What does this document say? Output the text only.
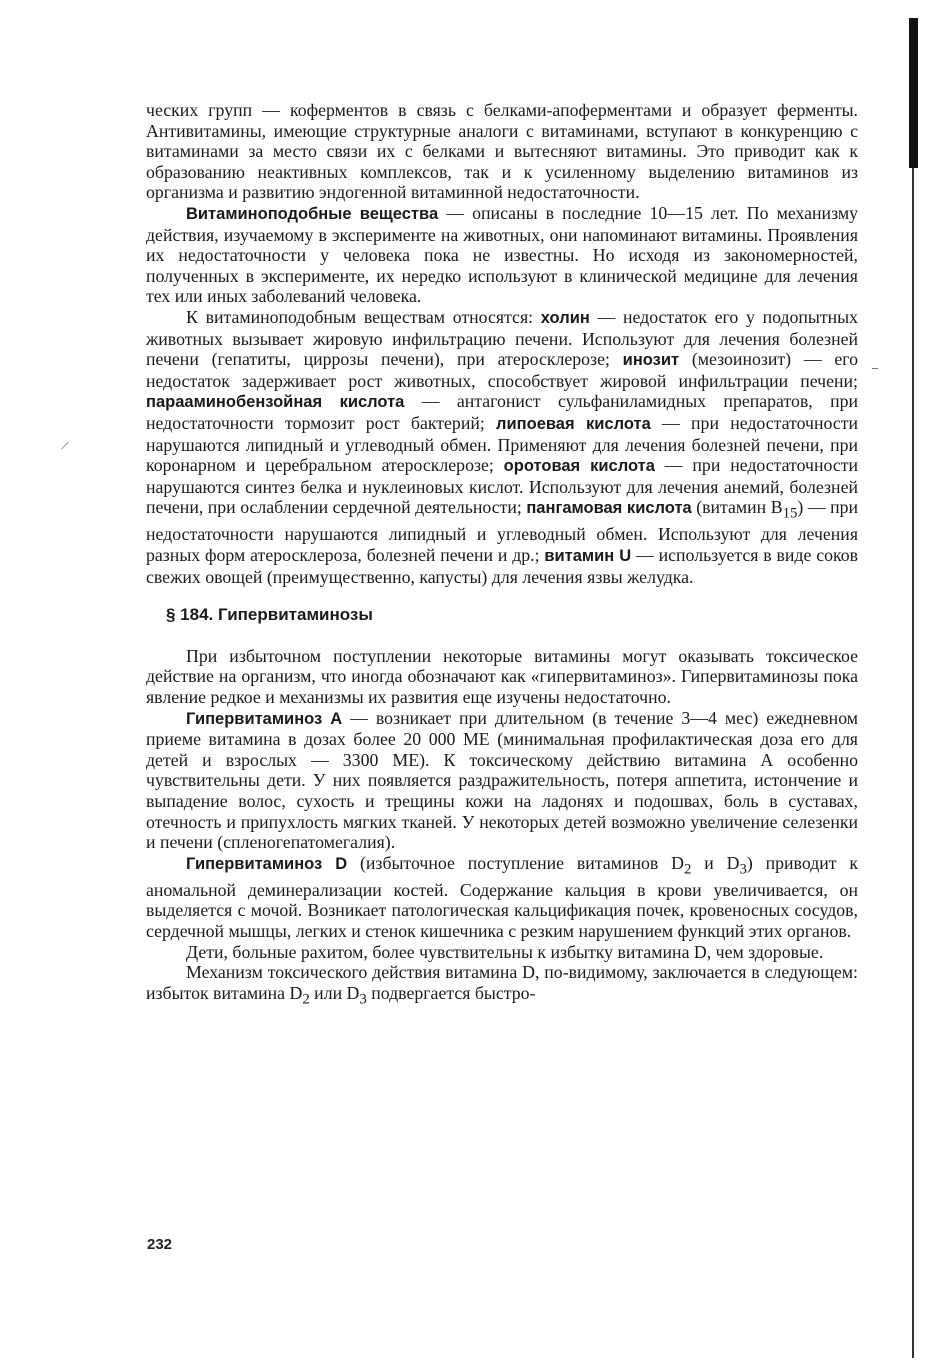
ческих групп — коферментов в связь с белками-апоферментами и образует ферменты. Антивитамины, имеющие структурные аналоги с витаминами, вступают в конкуренцию с витаминами за место связи их с белками и вытесняют витамины. Это приводит как к образованию неактивных комплексов, так и к усиленному выделению витаминов из организма и развитию эндогенной витаминной недостаточности.

Витаминоподобные вещества — описаны в последние 10—15 лет. По механизму действия, изучаемому в эксперименте на животных, они напоминают витамины. Проявления их недостаточности у человека пока не известны. Но исходя из закономерностей, полученных в эксперименте, их нередко используют в клинической медицине для лечения тех или иных заболеваний человека.

К витаминоподобным веществам относятся: холин — недостаток его у подопытных животных вызывает жировую инфильтрацию печени. Используют для лечения болезней печени (гепатиты, циррозы печени), при атеросклерозе; инозит (мезоинозит) — его недостаток задерживает рост животных, способствует жировой инфильтрации печени; парааминобензойная кислота — антагонист сульфаниламидных препаратов, при недостаточности тормозит рост бактерий; липоевая кислота — при недостаточности нарушаются липидный и углеводный обмен. Применяют для лечения болезней печени, при коронарном и церебральном атеросклерозе; оротовая кислота — при недостаточности нарушаются синтез белка и нуклеиновых кислот. Используют для лечения анемий, болезней печени, при ослаблении сердечной деятельности; пангамовая кислота (витамин $B_{15}$) — при недостаточности нарушаются липидный и углеводный обмен. Используют для лечения разных форм атеросклероза, болезней печени и др.; витамин U — используется в виде соков свежих овощей (преимущественно, капусты) для лечения язвы желудка.

§ 184. Гипервитаминозы

При избыточном поступлении некоторые витамины могут оказывать токсическое действие на организм, что иногда обозначают как «гипервитаминоз». Гипервитаминозы пока явление редкое и механизмы их развития еще изучены недостаточно.

Гипервитаминоз А — возникает при длительном (в течение 3—4 мес) ежедневном приеме витамина в дозах более 20 000 МЕ (минимальная профилактическая доза его для детей и взрослых — 3300 МЕ). К токсическому действию витамина А особенно чувствительны дети. У них появляется раздражительность, потеря аппетита, истончение и выпадение волос, сухость и трещины кожи на ладонях и подошвах, боль в суставах, отечность и припухлость мягких тканей. У некоторых детей возможно увеличение селезенки и печени (спленогепатомегалия).

Гипервитаминоз D (избыточное поступление витаминов $D_2$ и $D_3$) приводит к аномальной деминерализации костей. Содержание кальция в крови увеличивается, он выделяется с мочой. Возникает патологическая кальцификация почек, кровеносных сосудов, сердечной мышцы, легких и стенок кишечника с резким нарушением функций этих органов.

Дети, больные рахитом, более чувствительны к избытку витамина D, чем здоровые.

Механизм токсического действия витамина D, по-видимому, заключается в следующем: избыток витамина $D_2$ или $D_3$ подвергается быстро-

232
